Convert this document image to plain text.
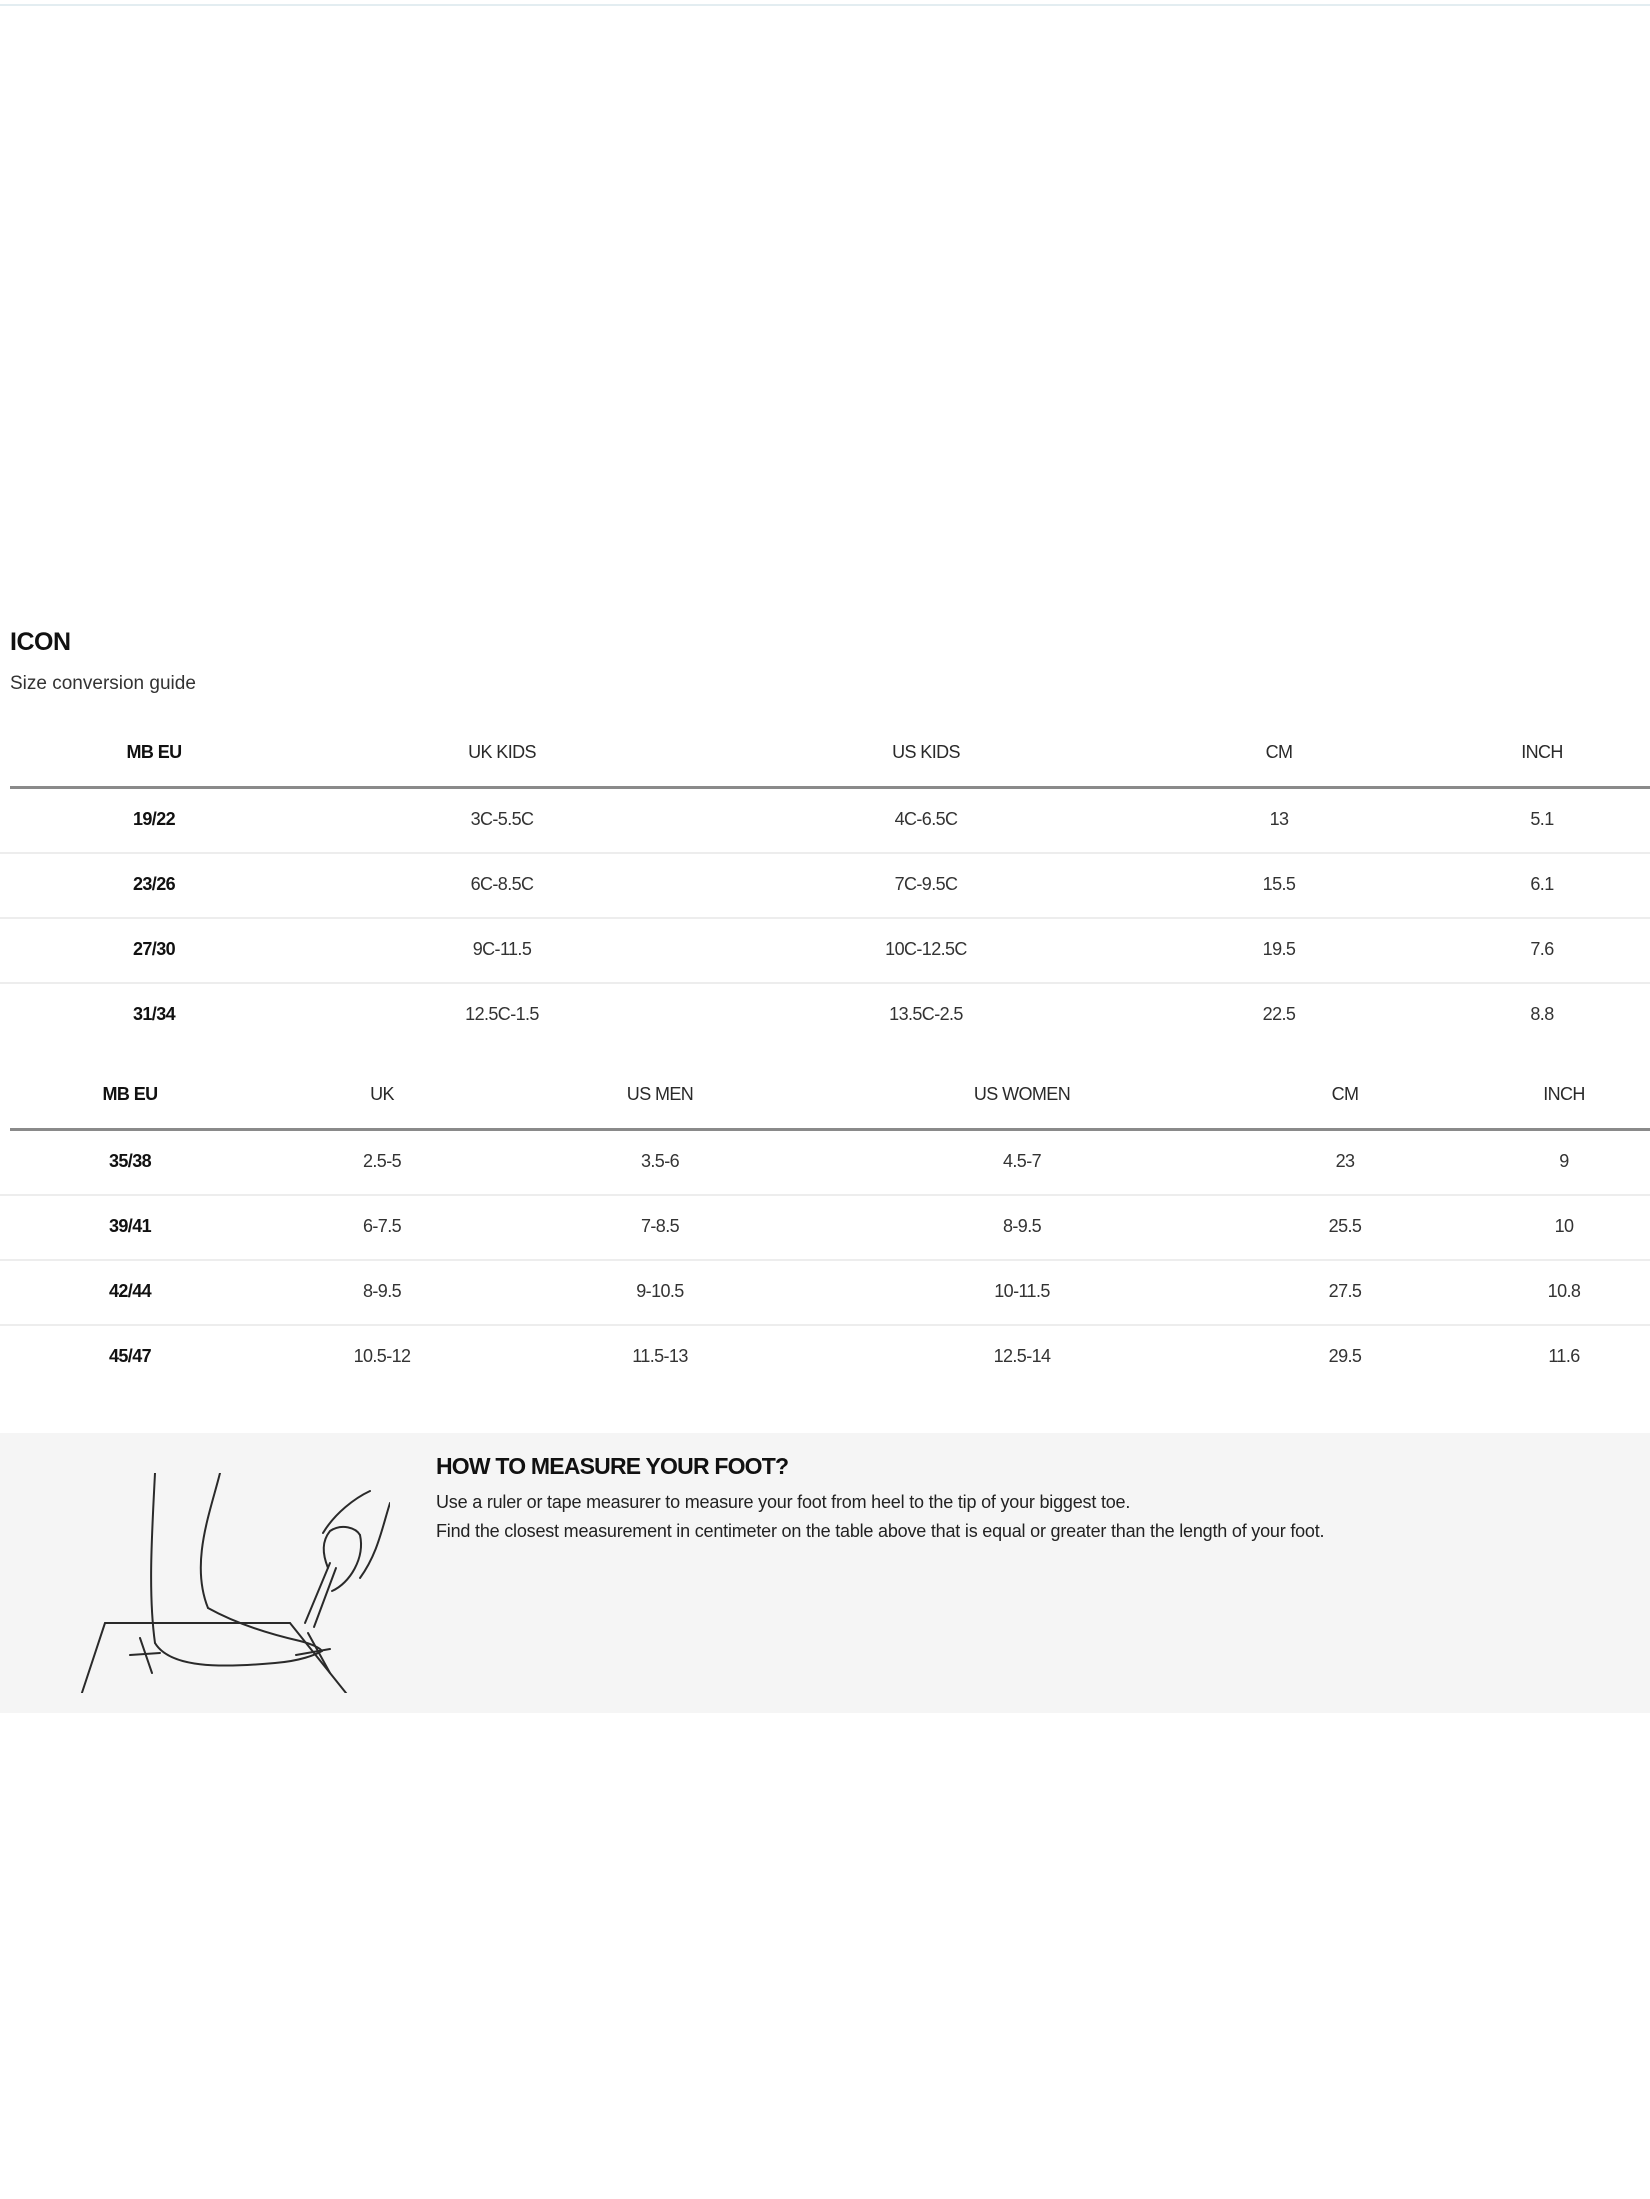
ICON
Size conversion guide
MB EU	UK KIDS	US KIDS	CM	INCH
19/22	3C-5.5C	4C-6.5C	13	5.1
23/26	6C-8.5C	7C-9.5C	15.5	6.1
27/30	9C-11.5	10C-12.5C	19.5	7.6
31/34	12.5C-1.5	13.5C-2.5	22.5	8.8
MB EU	UK	US MEN	US WOMEN	CM	INCH
35/38	2.5-5	3.5-6	4.5-7	23	9
39/41	6-7.5	7-8.5	8-9.5	25.5	10
42/44	8-9.5	9-10.5	10-11.5	27.5	10.8
45/47	10.5-12	11.5-13	12.5-14	29.5	11.6
HOW TO MEASURE YOUR FOOT?
Use a ruler or tape measurer to measure your foot from heel to the tip of your biggest toe.
Find the closest measurement in centimeter on the table above that is equal or greater than the length of your foot.
